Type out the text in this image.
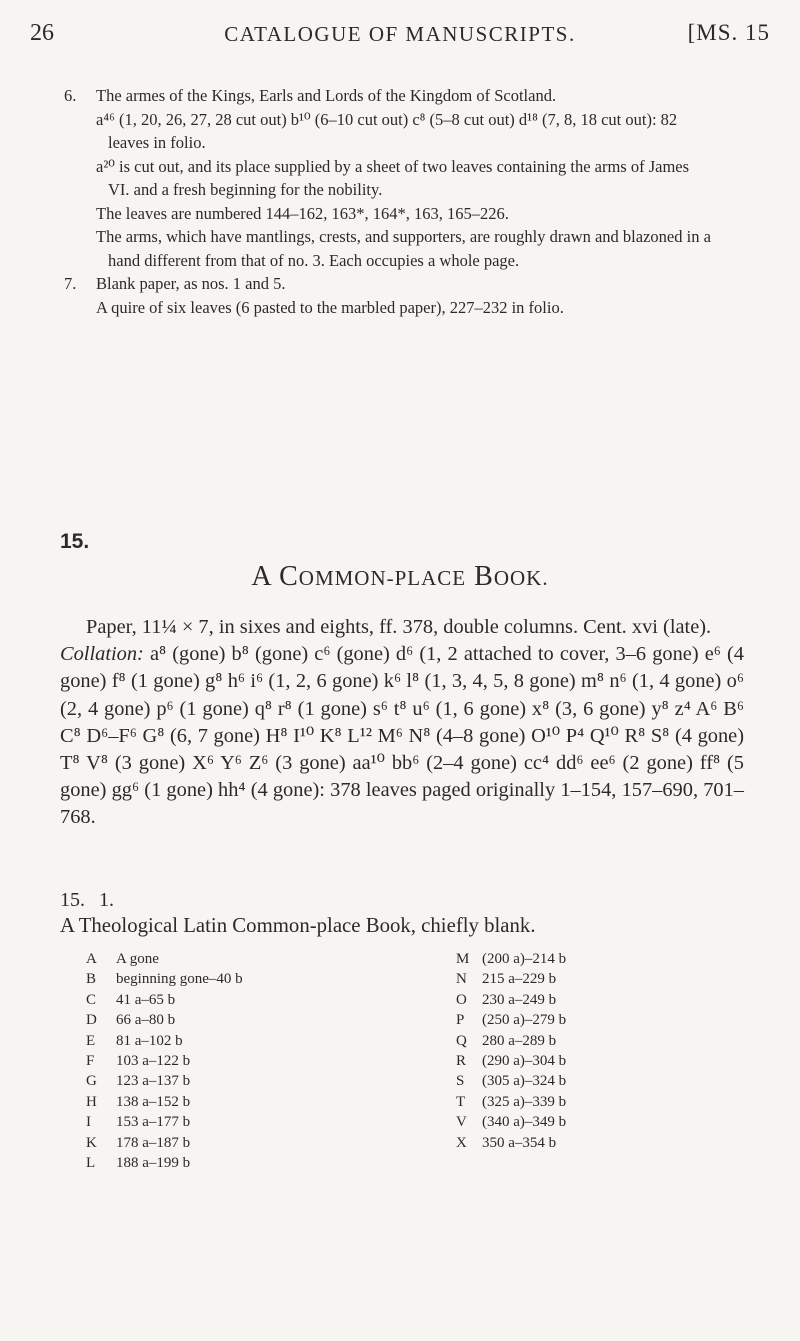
26	CATALOGUE OF MANUSCRIPTS.	[MS. 15
6. The armes of the Kings, Earls and Lords of the Kingdom of Scotland.

a⁴⁶ (1, 20, 26, 27, 28 cut out) b¹⁰ (6–10 cut out) c⁸ (5–8 cut out) d¹⁸ (7, 8, 18 cut out): 82 leaves in folio.

a²⁰ is cut out, and its place supplied by a sheet of two leaves containing the arms of James VI. and a fresh beginning for the nobility.

The leaves are numbered 144–162, 163*, 164*, 163, 165–226.

The arms, which have mantlings, crests, and supporters, are roughly drawn and blazoned in a hand different from that of no. 3. Each occupies a whole page.

7. Blank paper, as nos. 1 and 5.

A quire of six leaves (6 pasted to the marbled paper), 227–232 in folio.

15.
A COMMON-PLACE BOOK.

Paper, 11¼ × 7, in sixes and eights, ff. 378, double columns. Cent. xvi (late).

Collation: a⁸ (gone) b⁸ (gone) c⁶ (gone) d⁶ (1, 2 attached to cover, 3–6 gone) e⁶ (4 gone) f⁸ (1 gone) g⁸ h⁶ i⁶ (1, 2, 6 gone) k⁶ l⁸ (1, 3, 4, 5, 8 gone) m⁸ n⁶ (1, 4 gone) o⁶ (2, 4 gone) p⁶ (1 gone) q⁸ r⁸ (1 gone) s⁶ t⁸ u⁶ (1, 6 gone) x⁸ (3, 6 gone) y⁸ z⁴ A⁶ B⁶ C⁸ D⁶–F⁶ G⁸ (6, 7 gone) H⁸ I¹⁰ K⁸ L¹² M⁶ N⁸ (4–8 gone) O¹⁰ P⁴ Q¹⁰ R⁸ S⁸ (4 gone) T⁸ V⁸ (3 gone) X⁶ Y⁶ Z⁶ (3 gone) aa¹⁰ bb⁶ (2–4 gone) cc⁴ dd⁶ ee⁶ (2 gone) ff⁸ (5 gone) gg⁶ (1 gone) hh⁴ (4 gone): 378 leaves paged originally 1–154, 157–690, 701–768.

15. 1.
A Theological Latin Common-place Book, chiefly blank.
A A gone
B beginning gone–40 b
C 41 a–65 b
D 66 a–80 b
E 81 a–102 b
F 103 a–122 b
G 123 a–137 b
H 138 a–152 b
I 153 a–177 b
K 178 a–187 b
L 188 a–199 b
M (200 a)–214 b
N 215 a–229 b
O 230 a–249 b
P (250 a)–279 b
Q 280 a–289 b
R (290 a)–304 b
S (305 a)–324 b
T (325 a)–339 b
V (340 a)–349 b
X 350 a–354 b
